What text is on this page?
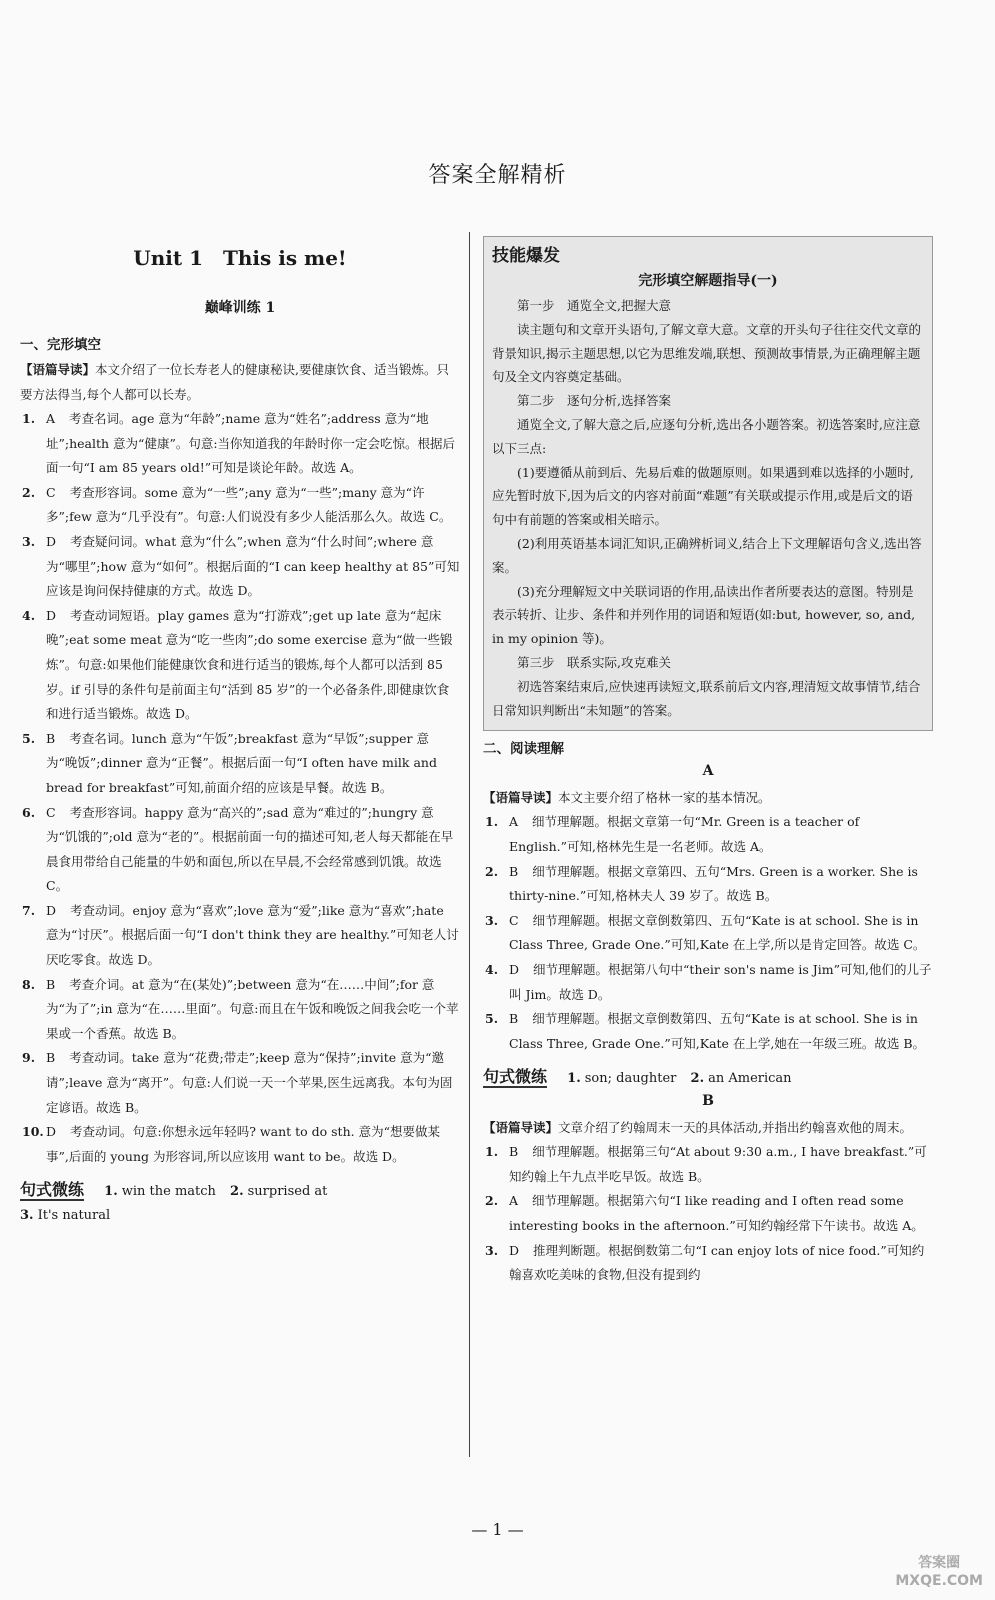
答案全解精析
Unit 1　This is me!
巅峰训练 1
一、完形填空
【语篇导读】本文介绍了一位长寿老人的健康秘诀,要健康饮食、适当锻炼。只要方法得当,每个人都可以长寿。
1. A 考查名词。age 意为“年龄”;name 意为“姓名”;address 意为“地址”;health 意为“健康”。句意:当你知道我的年龄时你一定会吃惊。根据后面一句“I am 85 years old!”可知是谈论年龄。故选 A。
2. C 考查形容词。some 意为“一些”;any 意为“一些”;many 意为“许多”;few 意为“几乎没有”。句意:人们说没有多少人能活那么久。故选 C。
3. D 考查疑问词。what 意为“什么”;when 意为“什么时间”;where 意为“哪里”;how 意为“如何”。根据后面的“I can keep healthy at 85”可知应该是询问保持健康的方式。故选 D。
4. D 考查动词短语。play games 意为“打游戏”;get up late 意为“起床晚”;eat some meat 意为“吃一些肉”;do some exercise 意为“做一些锻炼”。句意:如果他们能健康饮食和进行适当的锻炼,每个人都可以活到 85 岁。if 引导的条件句是前面主句“活到 85 岁”的一个必备条件,即健康饮食和进行适当锻炼。故选 D。
5. B 考查名词。lunch 意为“午饭”;breakfast 意为“早饭”;supper 意为“晚饭”;dinner 意为“正餐”。根据后面一句“I often have milk and bread for breakfast”可知,前面介绍的应该是早餐。故选 B。
6. C 考查形容词。happy 意为“高兴的”;sad 意为“难过的”;hungry 意为“饥饿的”;old 意为“老的”。根据前面一句的描述可知,老人每天都能在早晨食用带给自己能量的牛奶和面包,所以在早晨,不会经常感到饥饿。故选 C。
7. D 考查动词。enjoy 意为“喜欢”;love 意为“爱”;like 意为“喜欢”;hate 意为“讨厌”。根据后面一句“I don't think they are healthy.”可知老人讨厌吃零食。故选 D。
8. B 考查介词。at 意为“在(某处)”;between 意为“在……中间”;for 意为“为了”;in 意为“在……里面”。句意:而且在午饭和晚饭之间我会吃一个苹果或一个香蕉。故选 B。
9. B 考查动词。take 意为“花费;带走”;keep 意为“保持”;invite 意为“邀请”;leave 意为“离开”。句意:人们说一天一个苹果,医生远离我。本句为固定谚语。故选 B。
10. D 考查动词。句意:你想永远年轻吗? want to do sth. 意为“想要做某事”,后面的 young 为形容词,所以应该用 want to be。故选 D。
句式微练 1. win the match 2. surprised at
3. It's natural
技能爆发
完形填空解题指导(一)

第一步　通览全文,把握大意

读主题句和文章开头语句,了解文章大意。文章的开头句子往往交代文章的背景知识,揭示主题思想,以它为思维发端,联想、预测故事情景,为正确理解主题句及全文内容奠定基础。

第二步　逐句分析,选择答案

通览全文,了解大意之后,应逐句分析,选出各小题答案。初选答案时,应注意以下三点:

(1)要遵循从前到后、先易后难的做题原则。如果遇到难以选择的小题时,应先暂时放下,因为后文的内容对前面“难题”有关联或提示作用,或是后文的语句中有前题的答案或相关暗示。

(2)利用英语基本词汇知识,正确辨析词义,结合上下文理解语句含义,选出答案。

(3)充分理解短文中关联词语的作用,品读出作者所要表达的意图。特别是表示转折、让步、条件和并列作用的词语和短语(如:but, however, so, and, in my opinion 等)。

第三步　联系实际,攻克难关

初选答案结束后,应快速再读短文,联系前后文内容,理清短文故事情节,结合日常知识判断出“未知题”的答案。

二、阅读理解
A
【语篇导读】本文主要介绍了格林一家的基本情况。
1. A 细节理解题。根据文章第一句“Mr. Green is a teacher of English.”可知,格林先生是一名老师。故选 A。
2. B 细节理解题。根据文章第四、五句“Mrs. Green is a worker. She is thirty-nine.”可知,格林夫人 39 岁了。故选 B。
3. C 细节理解题。根据文章倒数第四、五句“Kate is at school. She is in Class Three, Grade One.”可知,Kate 在上学,所以是肯定回答。故选 C。
4. D 细节理解题。根据第八句中“their son's name is Jim”可知,他们的儿子叫 Jim。故选 D。
5. B 细节理解题。根据文章倒数第四、五句“Kate is at school. She is in Class Three, Grade One.”可知,Kate 在上学,她在一年级三班。故选 B。
句式微练 1. son; daughter 2. an American
B
【语篇导读】文章介绍了约翰周末一天的具体活动,并指出约翰喜欢他的周末。
1. B 细节理解题。根据第三句“At about 9:30 a.m., I have breakfast.”可知约翰上午九点半吃早饭。故选 B。
2. A 细节理解题。根据第六句“I like reading and I often read some interesting books in the afternoon.”可知约翰经常下午读书。故选 A。
3. D 推理判断题。根据倒数第二句“I can enjoy lots of nice food.”可知约翰喜欢吃美味的食物,但没有提到约
— 1 —
答案圈
MXQE.COM
